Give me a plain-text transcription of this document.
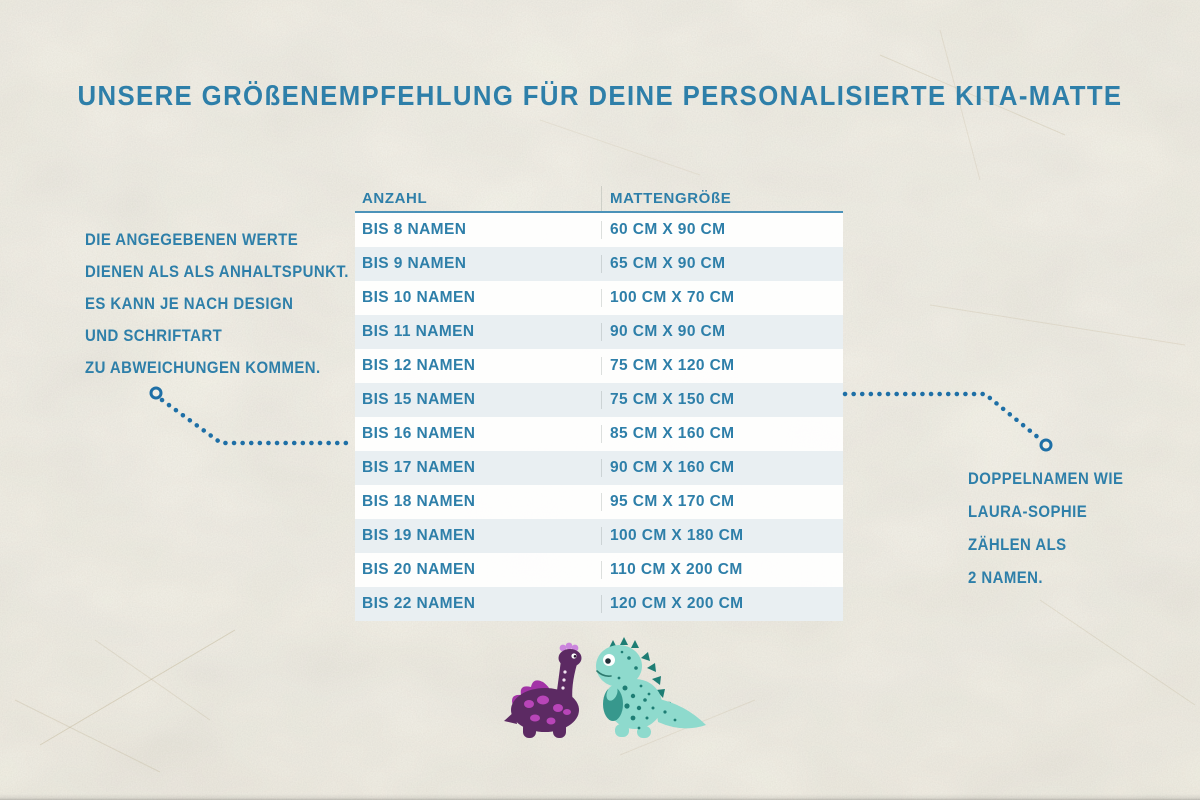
UNSERE GRÖßENEMPFEHLUNG FÜR DEINE PERSONALISIERTE KITA-MATTE
DIE ANGEGEBENEN WERTE
DIENEN ALS ALS ANHALTSPUNKT.
ES KANN JE NACH DESIGN
UND SCHRIFTART
ZU ABWEICHUNGEN KOMMEN.
ANZAHL	MATTENGRÖßE
BIS 8 NAMEN	60 CM X 90 CM
BIS 9 NAMEN	65 CM X 90 CM
BIS 10 NAMEN	100 CM X 70 CM
BIS 11 NAMEN	90 CM X 90 CM
BIS 12 NAMEN	75 CM X 120 CM
BIS 15 NAMEN	75 CM X 150 CM
BIS 16 NAMEN	85 CM X 160 CM
BIS 17 NAMEN	90 CM X 160 CM
BIS 18 NAMEN	95 CM X 170 CM
BIS 19 NAMEN	100 CM X 180 CM
BIS 20 NAMEN	110 CM X 200 CM
BIS 22 NAMEN	120 CM X 200 CM
DOPPELNAMEN WIE
LAURA-SOPHIE
ZÄHLEN ALS
2 NAMEN.
